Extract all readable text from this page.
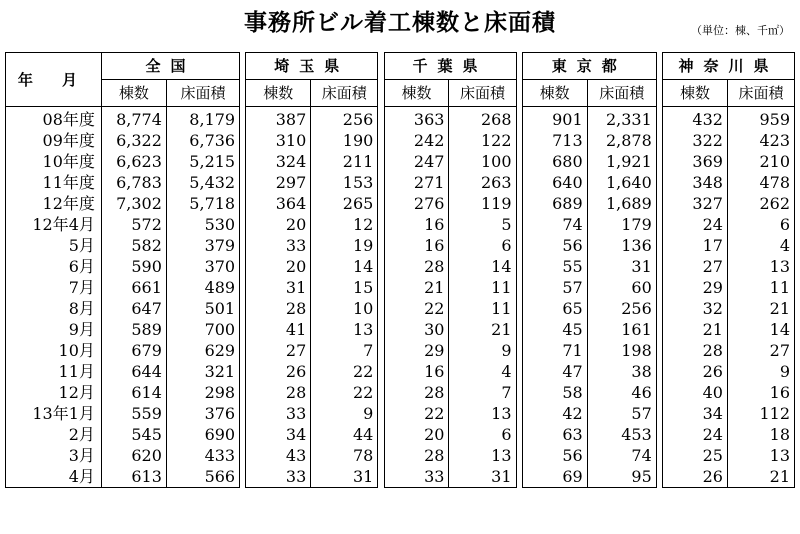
事務所ビル着工棟数と床面積	（単位：棟、千㎡）
年 月	全国			埼玉県			千葉県			東京都			神奈川県	
	棟数	床面積		棟数	床面積		棟数	床面積		棟数	床面積		棟数	床面積
08年度	8,774	8,179		387	256		363	268		901	2,331		432	959
09年度	6,322	6,736		310	190		242	122		713	2,878		322	423
10年度	6,623	5,215		324	211		247	100		680	1,921		369	210
11年度	6,783	5,432		297	153		271	263		640	1,640		348	478
12年度	7,302	5,718		364	265		276	119		689	1,689		327	262
12年4月	572	530		20	12		16	5		74	179		24	6
5月	582	379		33	19		16	6		56	136		17	4
6月	590	370		20	14		28	14		55	31		27	13
7月	661	489		31	15		21	11		57	60		29	11
8月	647	501		28	10		22	11		65	256		32	21
9月	589	700		41	13		30	21		45	161		21	14
10月	679	629		27	7		29	9		71	198		28	27
11月	644	321		26	22		16	4		47	38		26	9
12月	614	298		28	22		28	7		58	46		40	16
13年1月	559	376		33	9		22	13		42	57		34	112
2月	545	690		34	44		20	6		63	453		24	18
3月	620	433		43	78		28	13		56	74		25	13
4月	613	566		33	31		33	31		69	95		26	21
